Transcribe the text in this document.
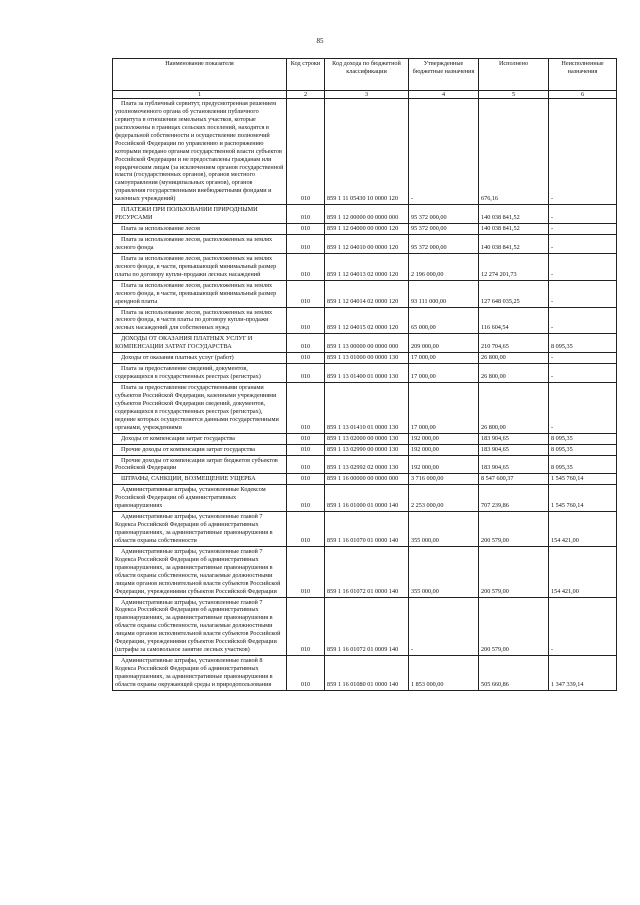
85
Наименование показателя	Код строки	Код дохода по бюджетной классификации	Утвержденные бюджетные назначения	Исполнено	Неисполненные назначения
1	2	3	4	5	6
Плата за публичный сервитут, предусмотренная решением уполномоченного органа об установлении публичного сервитута в отношении земельных участков, которые расположены в границах сельских поселений, находятся в федеральной собственности и осуществление полномочий Российской Федерации по управлению и распоряжению которыми передано органам государственной власти субъектов Российской Федерации и не предоставлены гражданам или юридическим лицам (за исключением органов государственной власти (государственных органов), органов местного самоуправления (муниципальных органов), органов управления государственными внебюджетными фондами и казенных учреждений)	010	859 1 11 05430 10 0000 120	-	676,16	-
ПЛАТЕЖИ ПРИ ПОЛЬЗОВАНИИ ПРИРОДНЫМИ РЕСУРСАМИ	010	859 1 12 00000 00 0000 000	95 372 000,00	140 038 841,52	-
Плата за использование лесов	010	859 1 12 04000 00 0000 120	95 372 000,00	140 038 841,52	-
Плата за использование лесов, расположенных на землях лесного фонда	010	859 1 12 04010 00 0000 120	95 372 000,00	140 038 841,52	-
Плата за использование лесов, расположенных на землях лесного фонда, в части, превышающей минимальный размер платы по договору купли-продажи лесных насаждений	010	859 1 12 04013 02 0000 120	2 196 000,00	12 274 201,73	-
Плата за использование лесов, расположенных на землях лесного фонда, в части, превышающей минимальный размер арендной платы	010	859 1 12 04014 02 0000 120	93 111 000,00	127 648 035,25	-
Плата за использование лесов, расположенных на землях лесного фонда, в части платы по договору купли-продажи лесных насаждений для собственных нужд	010	859 1 12 04015 02 0000 120	65 000,00	116 604,54	-
ДОХОДЫ ОТ ОКАЗАНИЯ ПЛАТНЫХ УСЛУГ И КОМПЕНСАЦИИ ЗАТРАТ ГОСУДАРСТВА	010	859 1 13 00000 00 0000 000	209 000,00	210 704,65	8 095,35
Доходы от оказания платных услуг (работ)	010	859 1 13 01000 00 0000 130	17 000,00	26 800,00	-
Плата за предоставление сведений, документов, содержащихся в государственных реестрах (регистрах)	010	859 1 13 01400 01 0000 130	17 000,00	26 800,00	-
Плата за предоставление государственными органами субъектов Российской Федерации, казенными учреждениями субъектов Российской Федерации сведений, документов, содержащихся в государственных реестрах (регистрах), ведение которых осуществляется данными государственными органами, учреждениями	010	859 1 13 01410 01 0000 130	17 000,00	26 800,00	-
Доходы от компенсации затрат государства	010	859 1 13 02000 00 0000 130	192 000,00	183 904,65	8 095,35
Прочие доходы от компенсации затрат государства	010	859 1 13 02990 00 0000 130	192 000,00	183 904,65	8 095,35
Прочие доходы от компенсации затрат бюджетов субъектов Российской Федерации	010	859 1 13 02992 02 0000 130	192 000,00	183 904,65	8 095,35
ШТРАФЫ, САНКЦИИ, ВОЗМЕЩЕНИЕ УЩЕРБА	010	859 1 16 00000 00 0000 000	3 716 000,00	8 547 600,37	1 545 760,14
Административные штрафы, установленные Кодексом Российской Федерации об административных правонарушениях	010	859 1 16 01000 01 0000 140	2 253 000,00	707 239,86	1 545 760,14
Административные штрафы, установленные главой 7 Кодекса Российской Федерации об административных правонарушениях, за административные правонарушения в области охраны собственности	010	859 1 16 01070 01 0000 140	355 000,00	200 579,00	154 421,00
Административные штрафы, установленные главой 7 Кодекса Российской Федерации об административных правонарушениях, за административные правонарушения в области охраны собственности, налагаемые должностными лицами органов исполнительной власти субъектов Российской Федерации, учреждениями субъектов Российской Федерации	010	859 1 16 01072 01 0000 140	355 000,00	200 579,00	154 421,00
Административные штрафы, установленные главой 7 Кодекса Российской Федерации об административных правонарушениях, за административные правонарушения в области охраны собственности, налагаемые должностными лицами органов исполнительной власти субъектов Российской Федерации, учреждениями субъектов Российской Федерации (штрафы за самовольное занятие лесных участков)	010	859 1 16 01072 01 0009 140	-	200 579,00	-
Административные штрафы, установленные главой 8 Кодекса Российской Федерации об административных правонарушениях, за административные правонарушения в области охраны окружающей среды и природопользования	010	859 1 16 01080 01 0000 140	1 853 000,00	505 660,86	1 347 339,14
